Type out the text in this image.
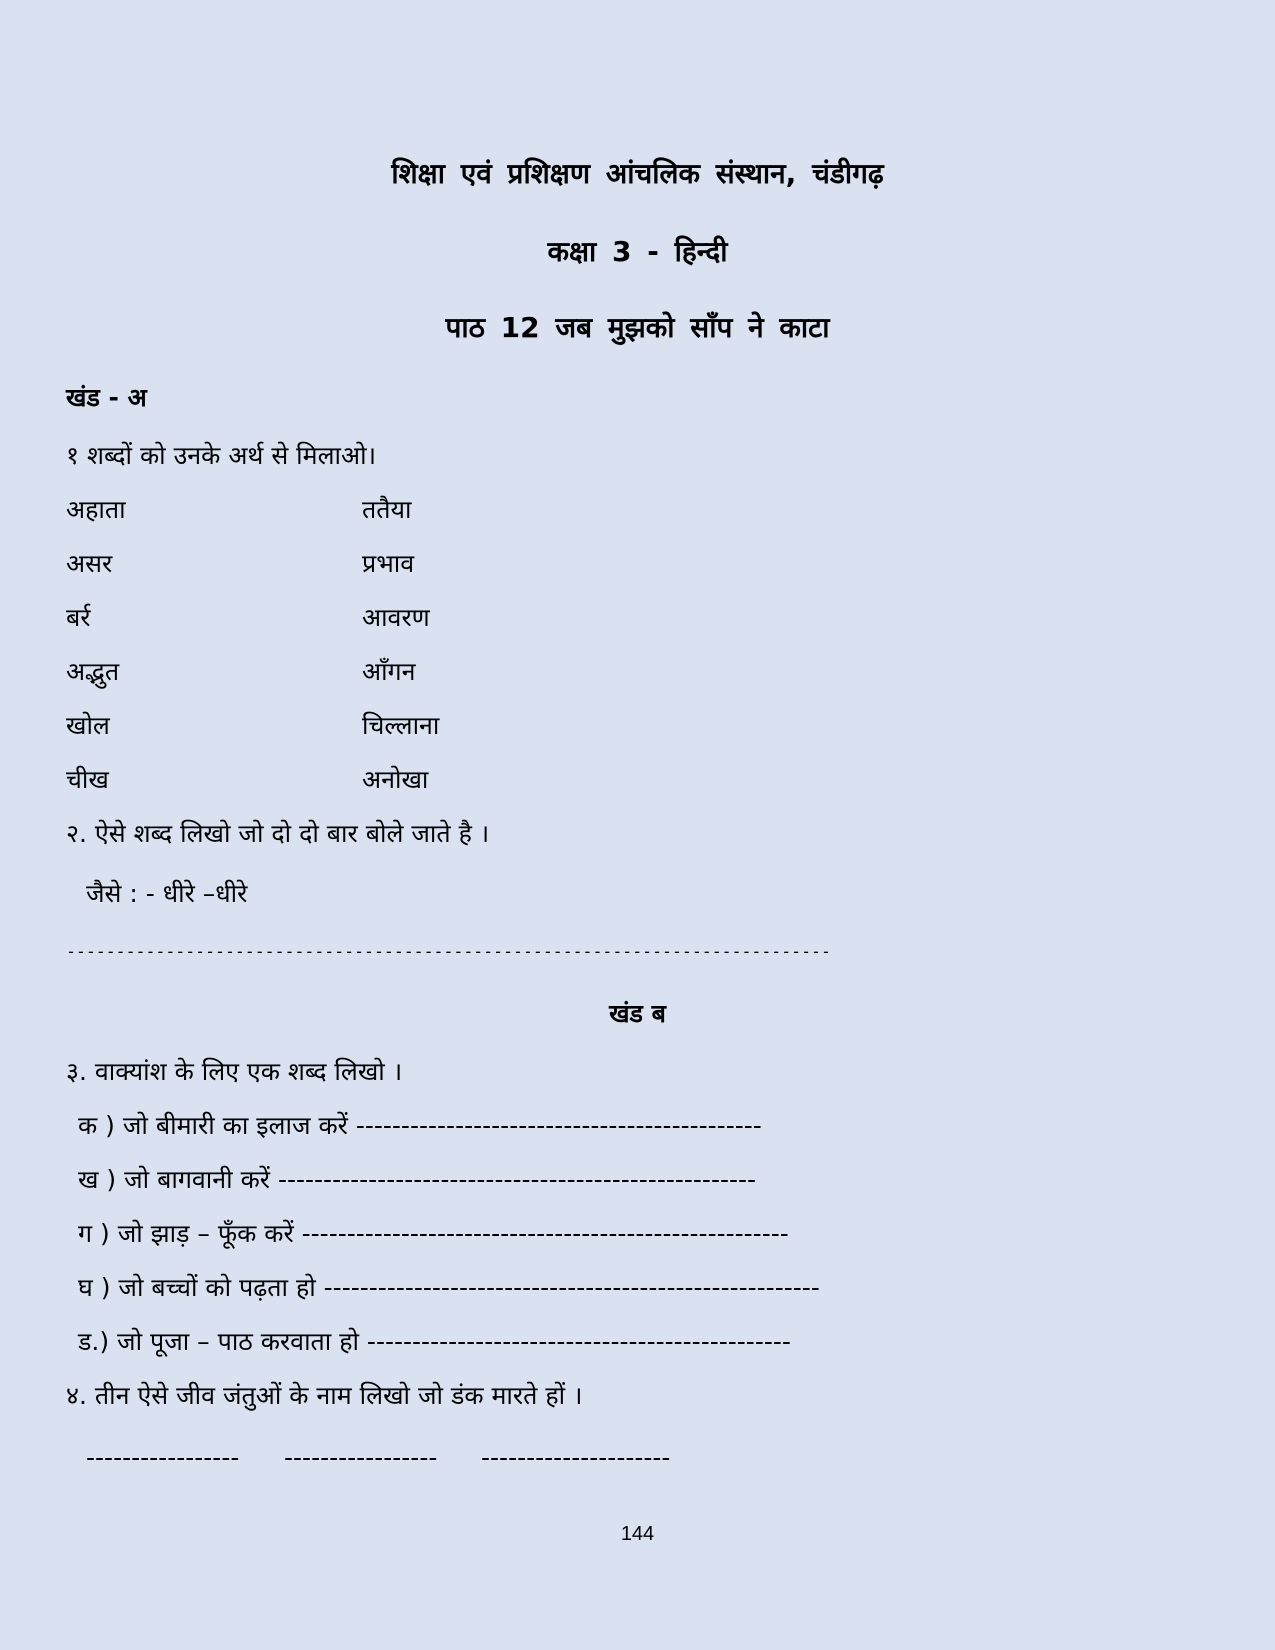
शिक्षा एवं प्रशिक्षण आंचलिक संस्थान, चंडीगढ़
कक्षा 3 - हिन्दी
पाठ 12 जब मुझको साँप ने काटा
खंड - अ
१ शब्दों को उनके अर्थ से मिलाओ।
अहाता	ततैया
असर	प्रभाव
बर्र	आवरण
अद्भुत	आँगन
खोल	चिल्लाना
चीख	अनोखा
२. ऐसे शब्द लिखो जो दो दो बार बोले जाते है ।
जैसे : - धीरे –धीरे
-----------------------------------------------------------------------------
खंड ब
३. वाक्यांश के लिए एक शब्द लिखो ।
क ) जो बीमारी का इलाज करें ---------------------------------------------
ख ) जो बागवानी करें -----------------------------------------------------
ग ) जो झाड़ – फूँक करें ------------------------------------------------------
घ ) जो बच्चों को पढ़ता हो -------------------------------------------------------
ड.) जो पूजा – पाठ करवाता हो -----------------------------------------------
४. तीन ऐसे जीव जंतुओं के नाम लिखो जो डंक मारते हों ।
----------------- ----------------- ---------------------
144
